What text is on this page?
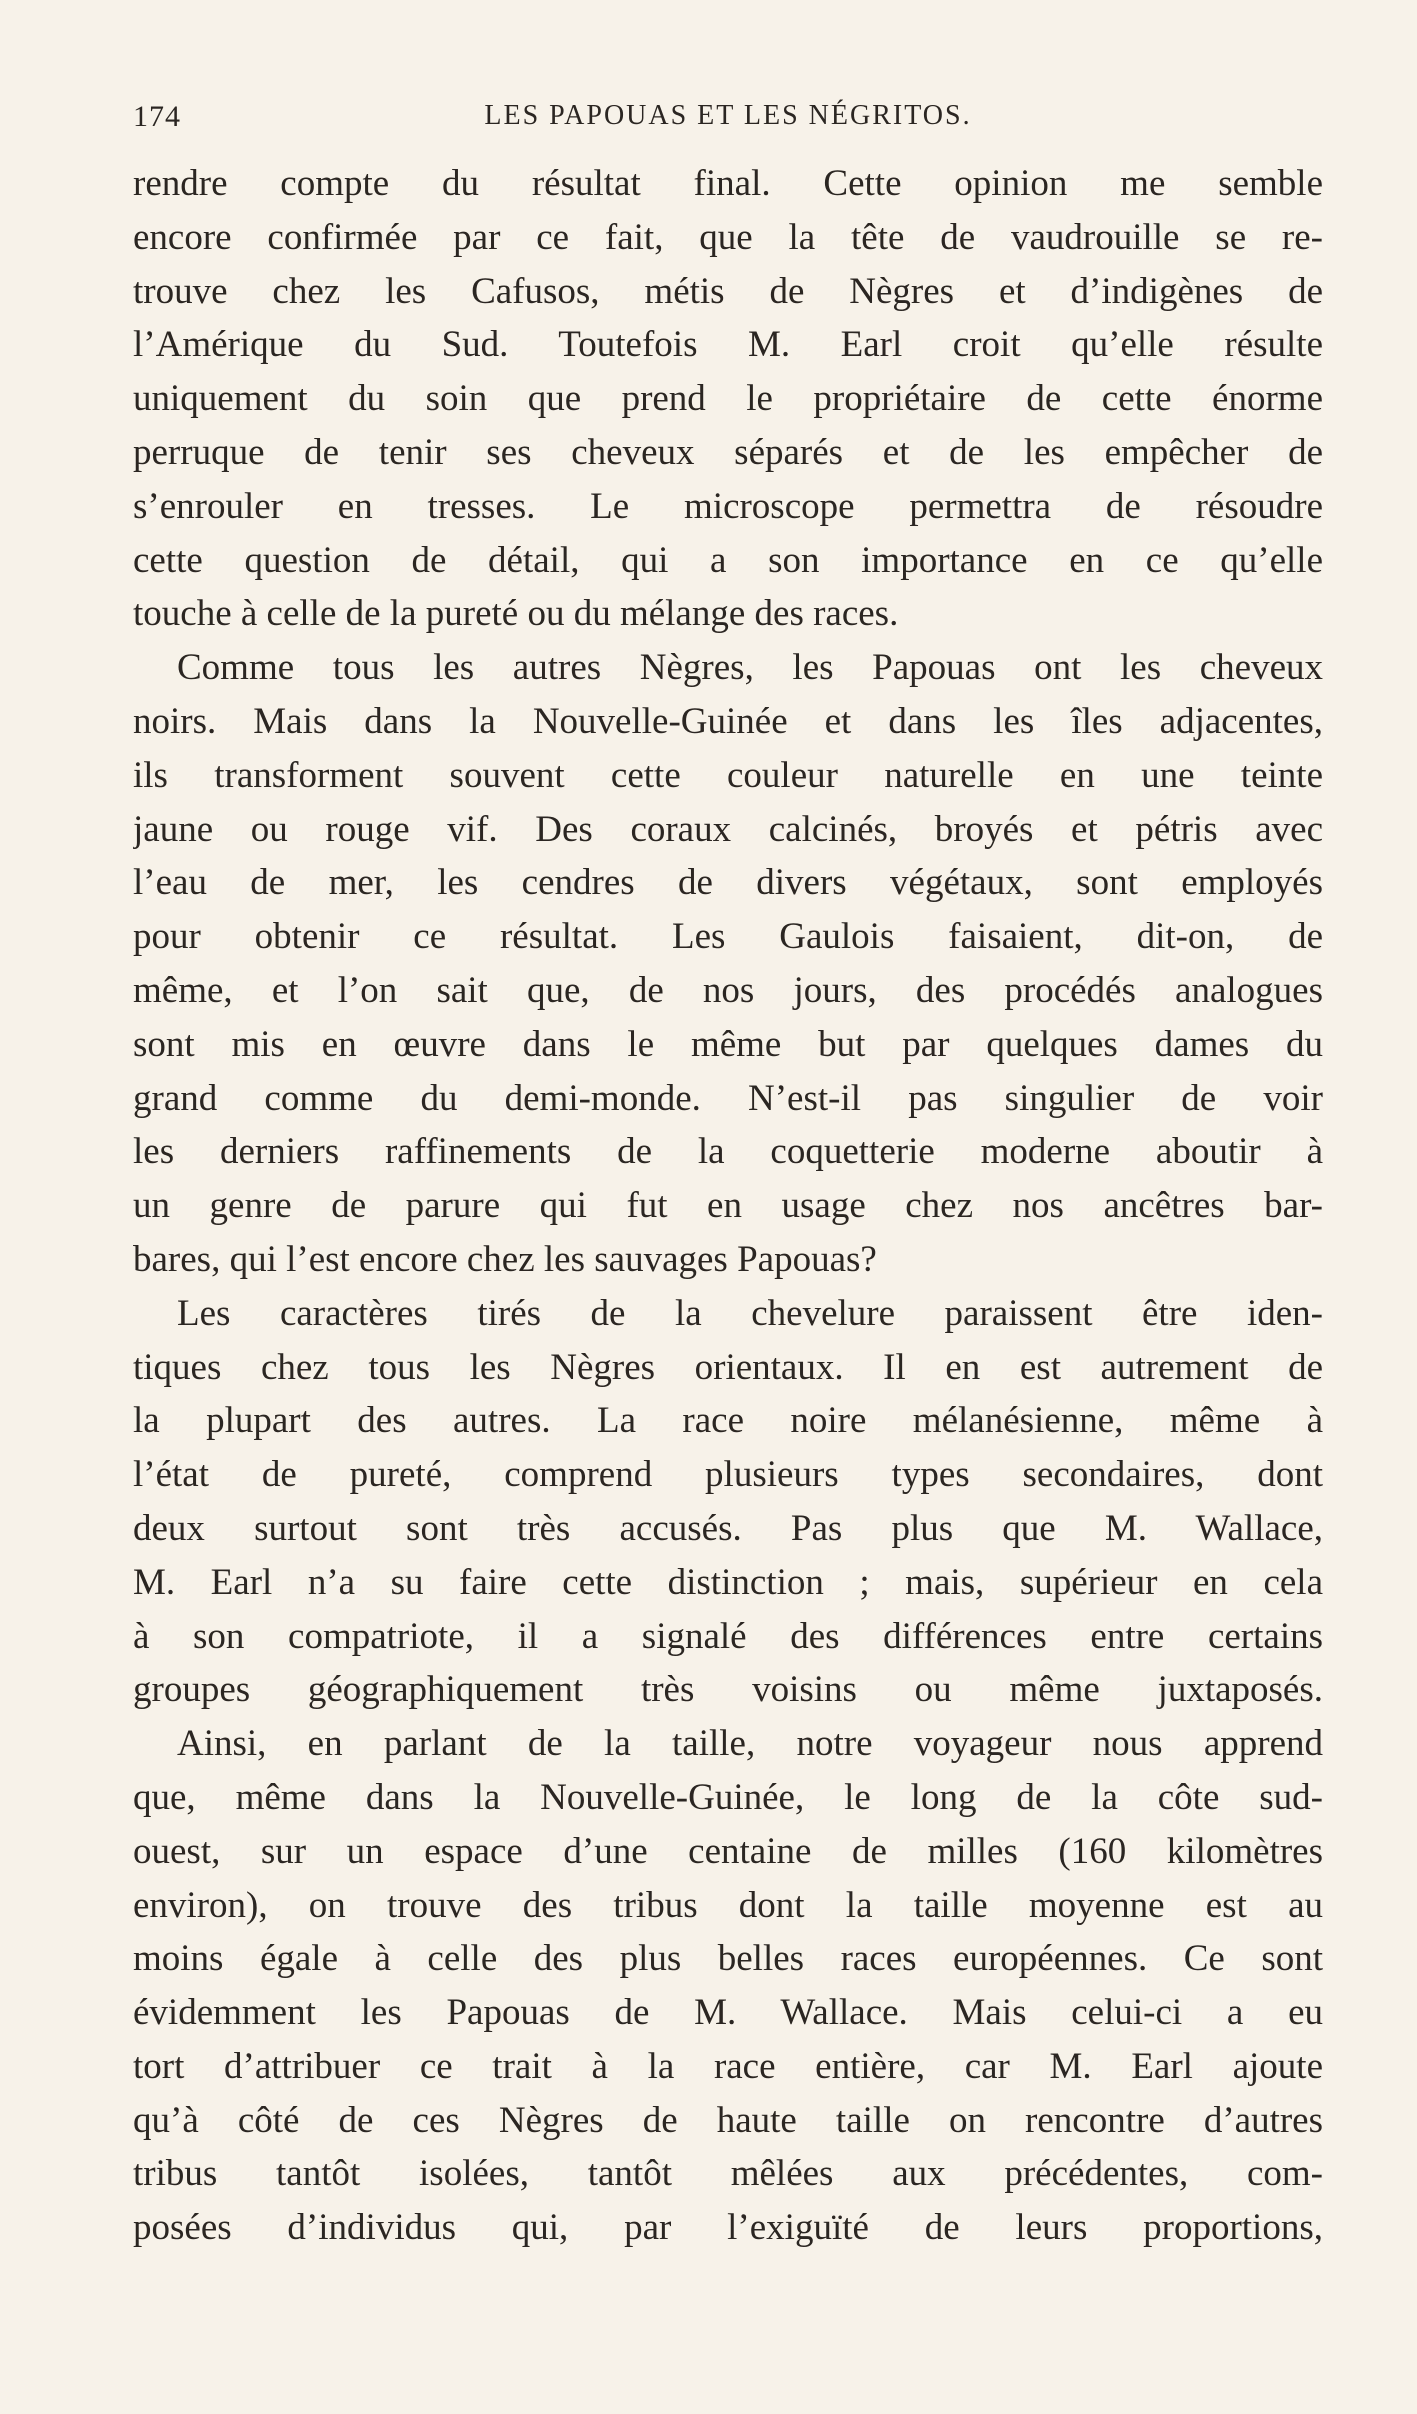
174	LES PAPOUAS ET LES NÉGRITOS.
rendre compte du résultat final. Cette opinion me semble
encore confirmée par ce fait, que la tête de vaudrouille se re-
trouve chez les Cafusos, métis de Nègres et d’indigènes de
l’Amérique du Sud. Toutefois M. Earl croit qu’elle résulte
uniquement du soin que prend le propriétaire de cette énorme
perruque de tenir ses cheveux séparés et de les empêcher de
s’enrouler en tresses. Le microscope permettra de résoudre
cette question de détail, qui a son importance en ce qu’elle
touche à celle de la pureté ou du mélange des races.
Comme tous les autres Nègres, les Papouas ont les cheveux
noirs. Mais dans la Nouvelle-Guinée et dans les îles adjacentes,
ils transforment souvent cette couleur naturelle en une teinte
jaune ou rouge vif. Des coraux calcinés, broyés et pétris avec
l’eau de mer, les cendres de divers végétaux, sont employés
pour obtenir ce résultat. Les Gaulois faisaient, dit-on, de
même, et l’on sait que, de nos jours, des procédés analogues
sont mis en œuvre dans le même but par quelques dames du
grand comme du demi-monde. N’est-il pas singulier de voir
les derniers raffinements de la coquetterie moderne aboutir à
un genre de parure qui fut en usage chez nos ancêtres bar-
bares, qui l’est encore chez les sauvages Papouas?
Les caractères tirés de la chevelure paraissent être iden-
tiques chez tous les Nègres orientaux. Il en est autrement de
la plupart des autres. La race noire mélanésienne, même à
l’état de pureté, comprend plusieurs types secondaires, dont
deux surtout sont très accusés. Pas plus que M. Wallace,
M. Earl n’a su faire cette distinction ; mais, supérieur en cela
à son compatriote, il a signalé des différences entre certains
groupes géographiquement très voisins ou même juxtaposés.
Ainsi, en parlant de la taille, notre voyageur nous apprend
que, même dans la Nouvelle-Guinée, le long de la côte sud-
ouest, sur un espace d’une centaine de milles (160 kilomètres
environ), on trouve des tribus dont la taille moyenne est au
moins égale à celle des plus belles races européennes. Ce sont
évidemment les Papouas de M. Wallace. Mais celui-ci a eu
tort d’attribuer ce trait à la race entière, car M. Earl ajoute
qu’à côté de ces Nègres de haute taille on rencontre d’autres
tribus tantôt isolées, tantôt mêlées aux précédentes, com-
posées d’individus qui, par l’exiguïté de leurs proportions,
